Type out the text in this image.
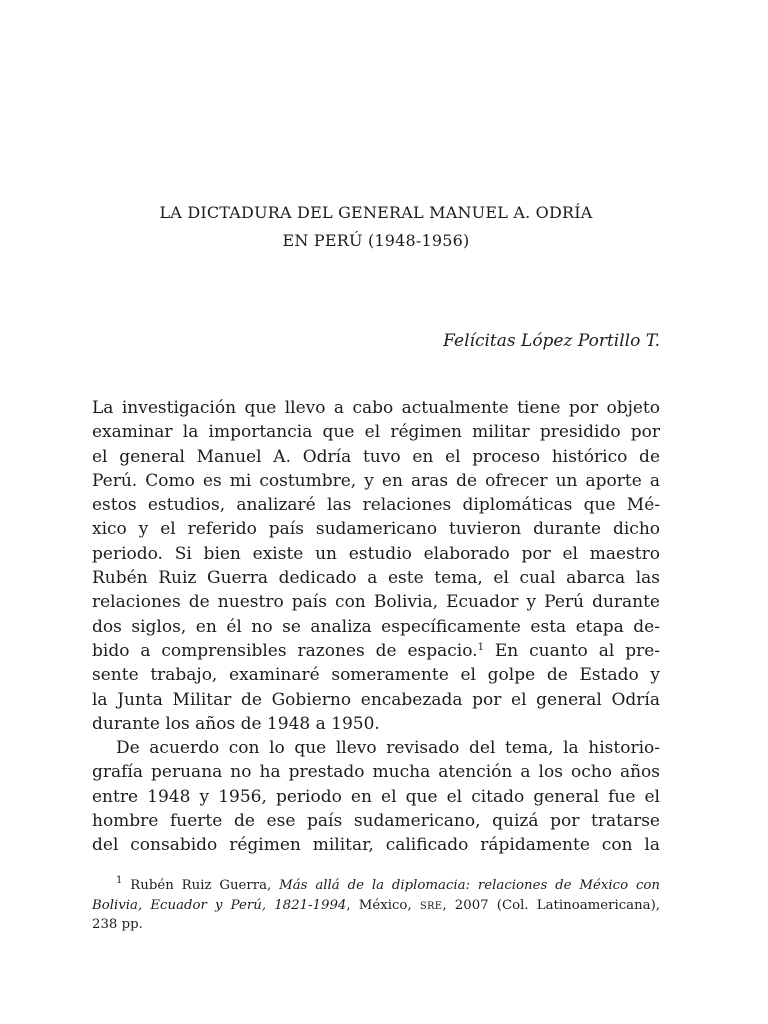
LA DICTADURA DEL GENERAL MANUEL A. ODRÍA
EN PERÚ (1948-1956)

Felícitas López Portillo T.

La investigación que llevo a cabo actualmente tiene por objeto
examinar la importancia que el régimen militar presidido por
el general Manuel A. Odría tuvo en el proceso histórico de
Perú. Como es mi costumbre, y en aras de ofrecer un aporte a
estos estudios, analizaré las relaciones diplomáticas que Mé-
xico y el referido país sudamericano tuvieron durante dicho
periodo. Si bien existe un estudio elaborado por el maestro
Rubén Ruiz Guerra dedicado a este tema, el cual abarca las
relaciones de nuestro país con Bolivia, Ecuador y Perú durante
dos siglos, en él no se analiza específicamente esta etapa de-
bido a comprensibles razones de espacio.$^1$ En cuanto al pre-
sente trabajo, examinaré someramente el golpe de Estado y
la Junta Militar de Gobierno encabezada por el general Odría
durante los años de 1948 a 1950.
De acuerdo con lo que llevo revisado del tema, la historio-
grafía peruana no ha prestado mucha atención a los ocho años
entre 1948 y 1956, periodo en el que el citado general fue el
hombre fuerte de ese país sudamericano, quizá por tratarse
del consabido régimen militar, calificado rápidamente con la
$^1$ Rubén Ruiz Guerra, Más allá de la diplomacia: relaciones de México con
Bolivia, Ecuador y Perú, 1821-1994, México, SRE, 2007 (Col. Latinoamericana),
238 pp.
